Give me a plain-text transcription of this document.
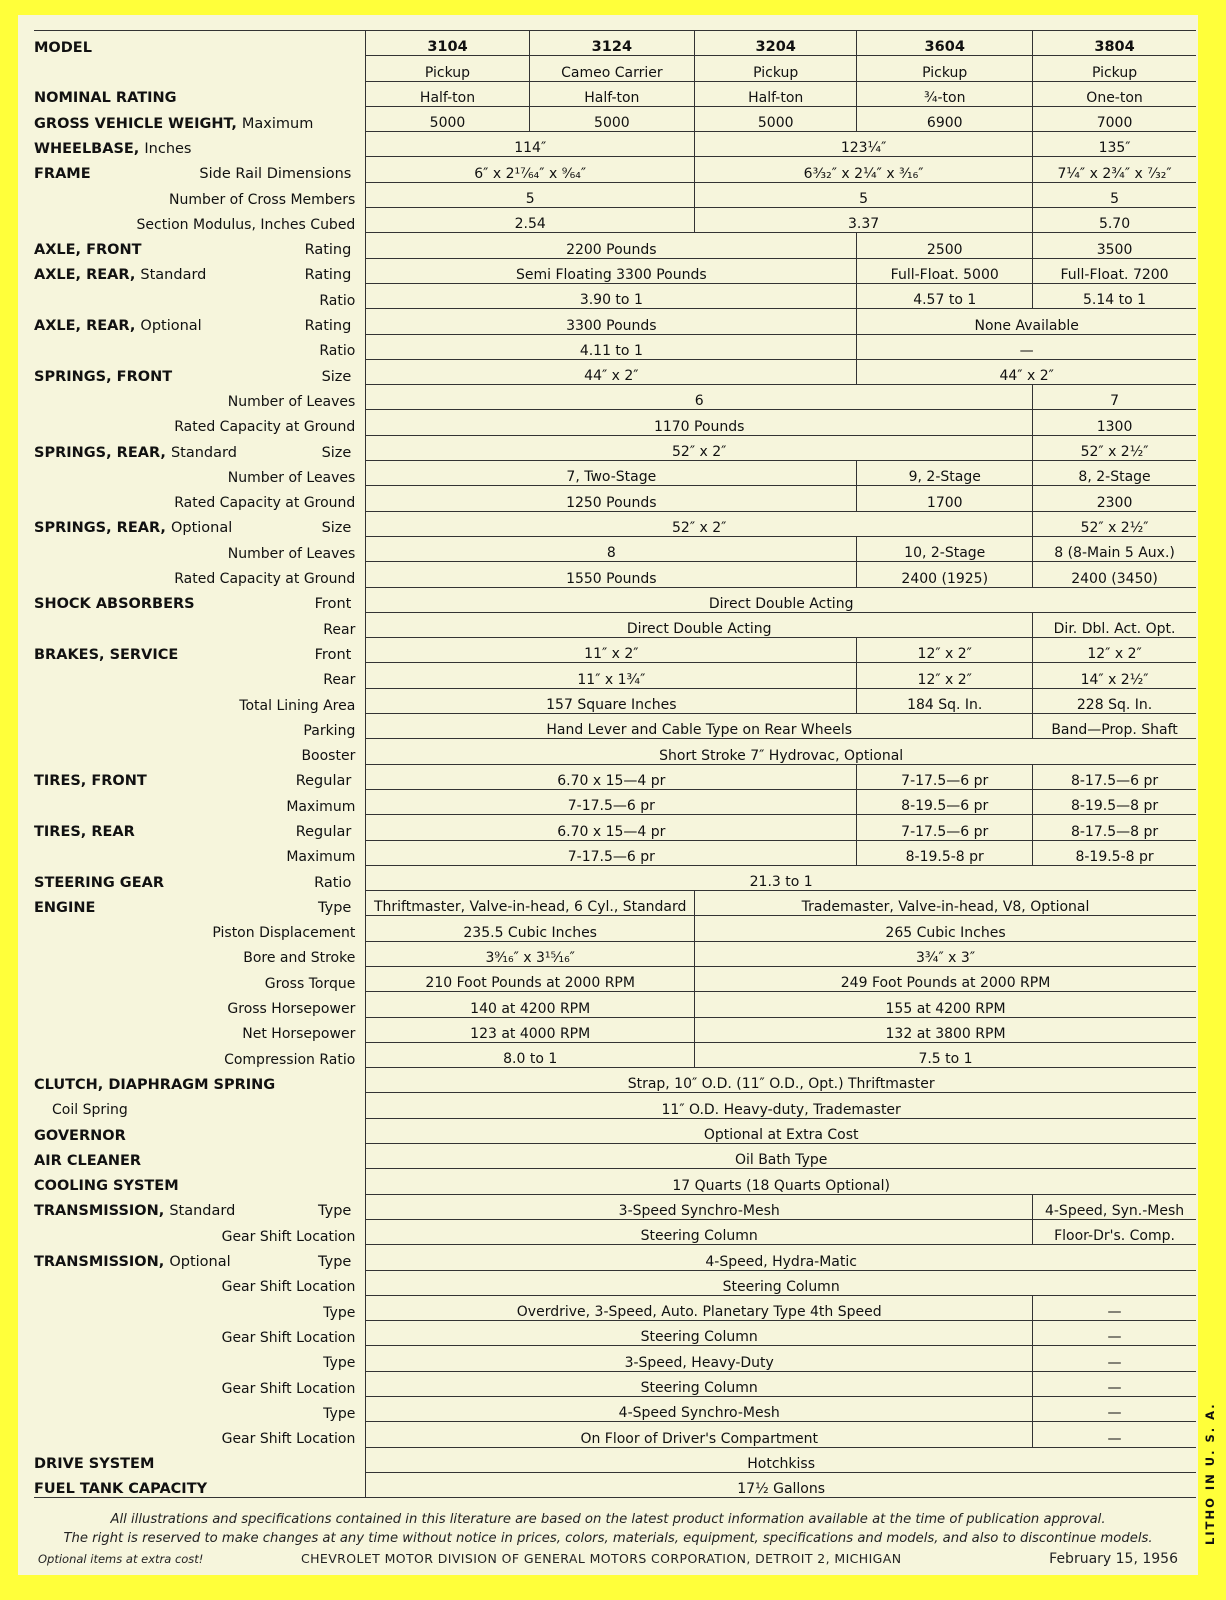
MODEL	3104	3124	3204	3604	3804
	Pickup	Cameo Carrier	Pickup	Pickup	Pickup
NOMINAL RATING	Half-ton	Half-ton	Half-ton	¾-ton	One-ton
GROSS VEHICLE WEIGHT, Maximum	5000	5000	5000	6900	7000
WHEELBASE, Inches	114″		123¼″		135″
FRAME Side Rail Dimensions	6″ x 2¹⁷⁄₆₄″ x ⁹⁄₆₄″		6³⁄₃₂″ x 2¼″ x ³⁄₁₆″		7¼″ x 2¾″ x ⁷⁄₃₂″
Number of Cross Members	5		5		5
Section Modulus, Inches Cubed	2.54		3.37		5.70
AXLE, FRONT Rating	2200 Pounds			2500	3500
AXLE, REAR, Standard Rating	Semi Floating 3300 Pounds			Full-Float. 5000	Full-Float. 7200
Ratio	3.90 to 1			4.57 to 1	5.14 to 1
AXLE, REAR, Optional Rating	3300 Pounds			None Available	
Ratio	4.11 to 1			—	
SPRINGS, FRONT Size	44″ x 2″			44″ x 2″	
Number of Leaves	6				7
Rated Capacity at Ground	1170 Pounds				1300
SPRINGS, REAR, Standard Size	52″ x 2″				52″ x 2½″
Number of Leaves	7, Two-Stage			9, 2-Stage	8, 2-Stage
Rated Capacity at Ground	1250 Pounds			1700	2300
SPRINGS, REAR, Optional Size	52″ x 2″				52″ x 2½″
Number of Leaves	8			10, 2-Stage	8 (8-Main 5 Aux.)
Rated Capacity at Ground	1550 Pounds			2400 (1925)	2400 (3450)
SHOCK ABSORBERS Front	Direct Double Acting				
Rear	Direct Double Acting				Dir. Dbl. Act. Opt.
BRAKES, SERVICE Front	11″ x 2″			12″ x 2″	12″ x 2″
Rear	11″ x 1¾″			12″ x 2″	14″ x 2½″
Total Lining Area	157 Square Inches			184 Sq. In.	228 Sq. In.
Parking	Hand Lever and Cable Type on Rear Wheels				Band—Prop. Shaft
Booster	Short Stroke 7″ Hydrovac, Optional				
TIRES, FRONT Regular	6.70 x 15—4 pr			7-17.5—6 pr	8-17.5—6 pr
Maximum	7-17.5—6 pr			8-19.5—6 pr	8-19.5—8 pr
TIRES, REAR Regular	6.70 x 15—4 pr			7-17.5—6 pr	8-17.5—8 pr
Maximum	7-17.5—6 pr			8-19.5-8 pr	8-19.5-8 pr
STEERING GEAR Ratio	21.3 to 1				
ENGINE Type	Thriftmaster, Valve-in-head, 6 Cyl., Standard		Trademaster, Valve-in-head, V8, Optional		
Piston Displacement	235.5 Cubic Inches		265 Cubic Inches		
Bore and Stroke	3⁹⁄₁₆″ x 3¹⁵⁄₁₆″		3¾″ x 3″		
Gross Torque	210 Foot Pounds at 2000 RPM		249 Foot Pounds at 2000 RPM		
Gross Horsepower	140 at 4200 RPM		155 at 4200 RPM		
Net Horsepower	123 at 4000 RPM		132 at 3800 RPM		
Compression Ratio	8.0 to 1		7.5 to 1		
CLUTCH, DIAPHRAGM SPRING	Strap, 10″ O.D. (11″ O.D., Opt.) Thriftmaster				
Coil Spring	11″ O.D. Heavy-duty, Trademaster				
GOVERNOR	Optional at Extra Cost				
AIR CLEANER	Oil Bath Type				
COOLING SYSTEM	17 Quarts (18 Quarts Optional)				
TRANSMISSION, Standard Type	3-Speed Synchro-Mesh				4-Speed, Syn.-Mesh
Gear Shift Location	Steering Column				Floor-Dr's. Comp.
TRANSMISSION, Optional Type	4-Speed, Hydra-Matic				
Gear Shift Location	Steering Column				
Type	Overdrive, 3-Speed, Auto. Planetary Type 4th Speed				—
Gear Shift Location	Steering Column				—
Type	3-Speed, Heavy-Duty				—
Gear Shift Location	Steering Column				—
Type	4-Speed Synchro-Mesh				—
Gear Shift Location	On Floor of Driver's Compartment				—
DRIVE SYSTEM	Hotchkiss				
FUEL TANK CAPACITY	17½ Gallons				

All illustrations and specifications contained in this literature are based on the latest product information available at the time of publication approval.

The right is reserved to make changes at any time without notice in prices, colors, materials, equipment, specifications and models, and also to discontinue models.

Optional items at extra cost!	CHEVROLET MOTOR DIVISION OF GENERAL MOTORS CORPORATION, DETROIT 2, MICHIGAN	February 15, 1956
LITHO IN U. S. A.
